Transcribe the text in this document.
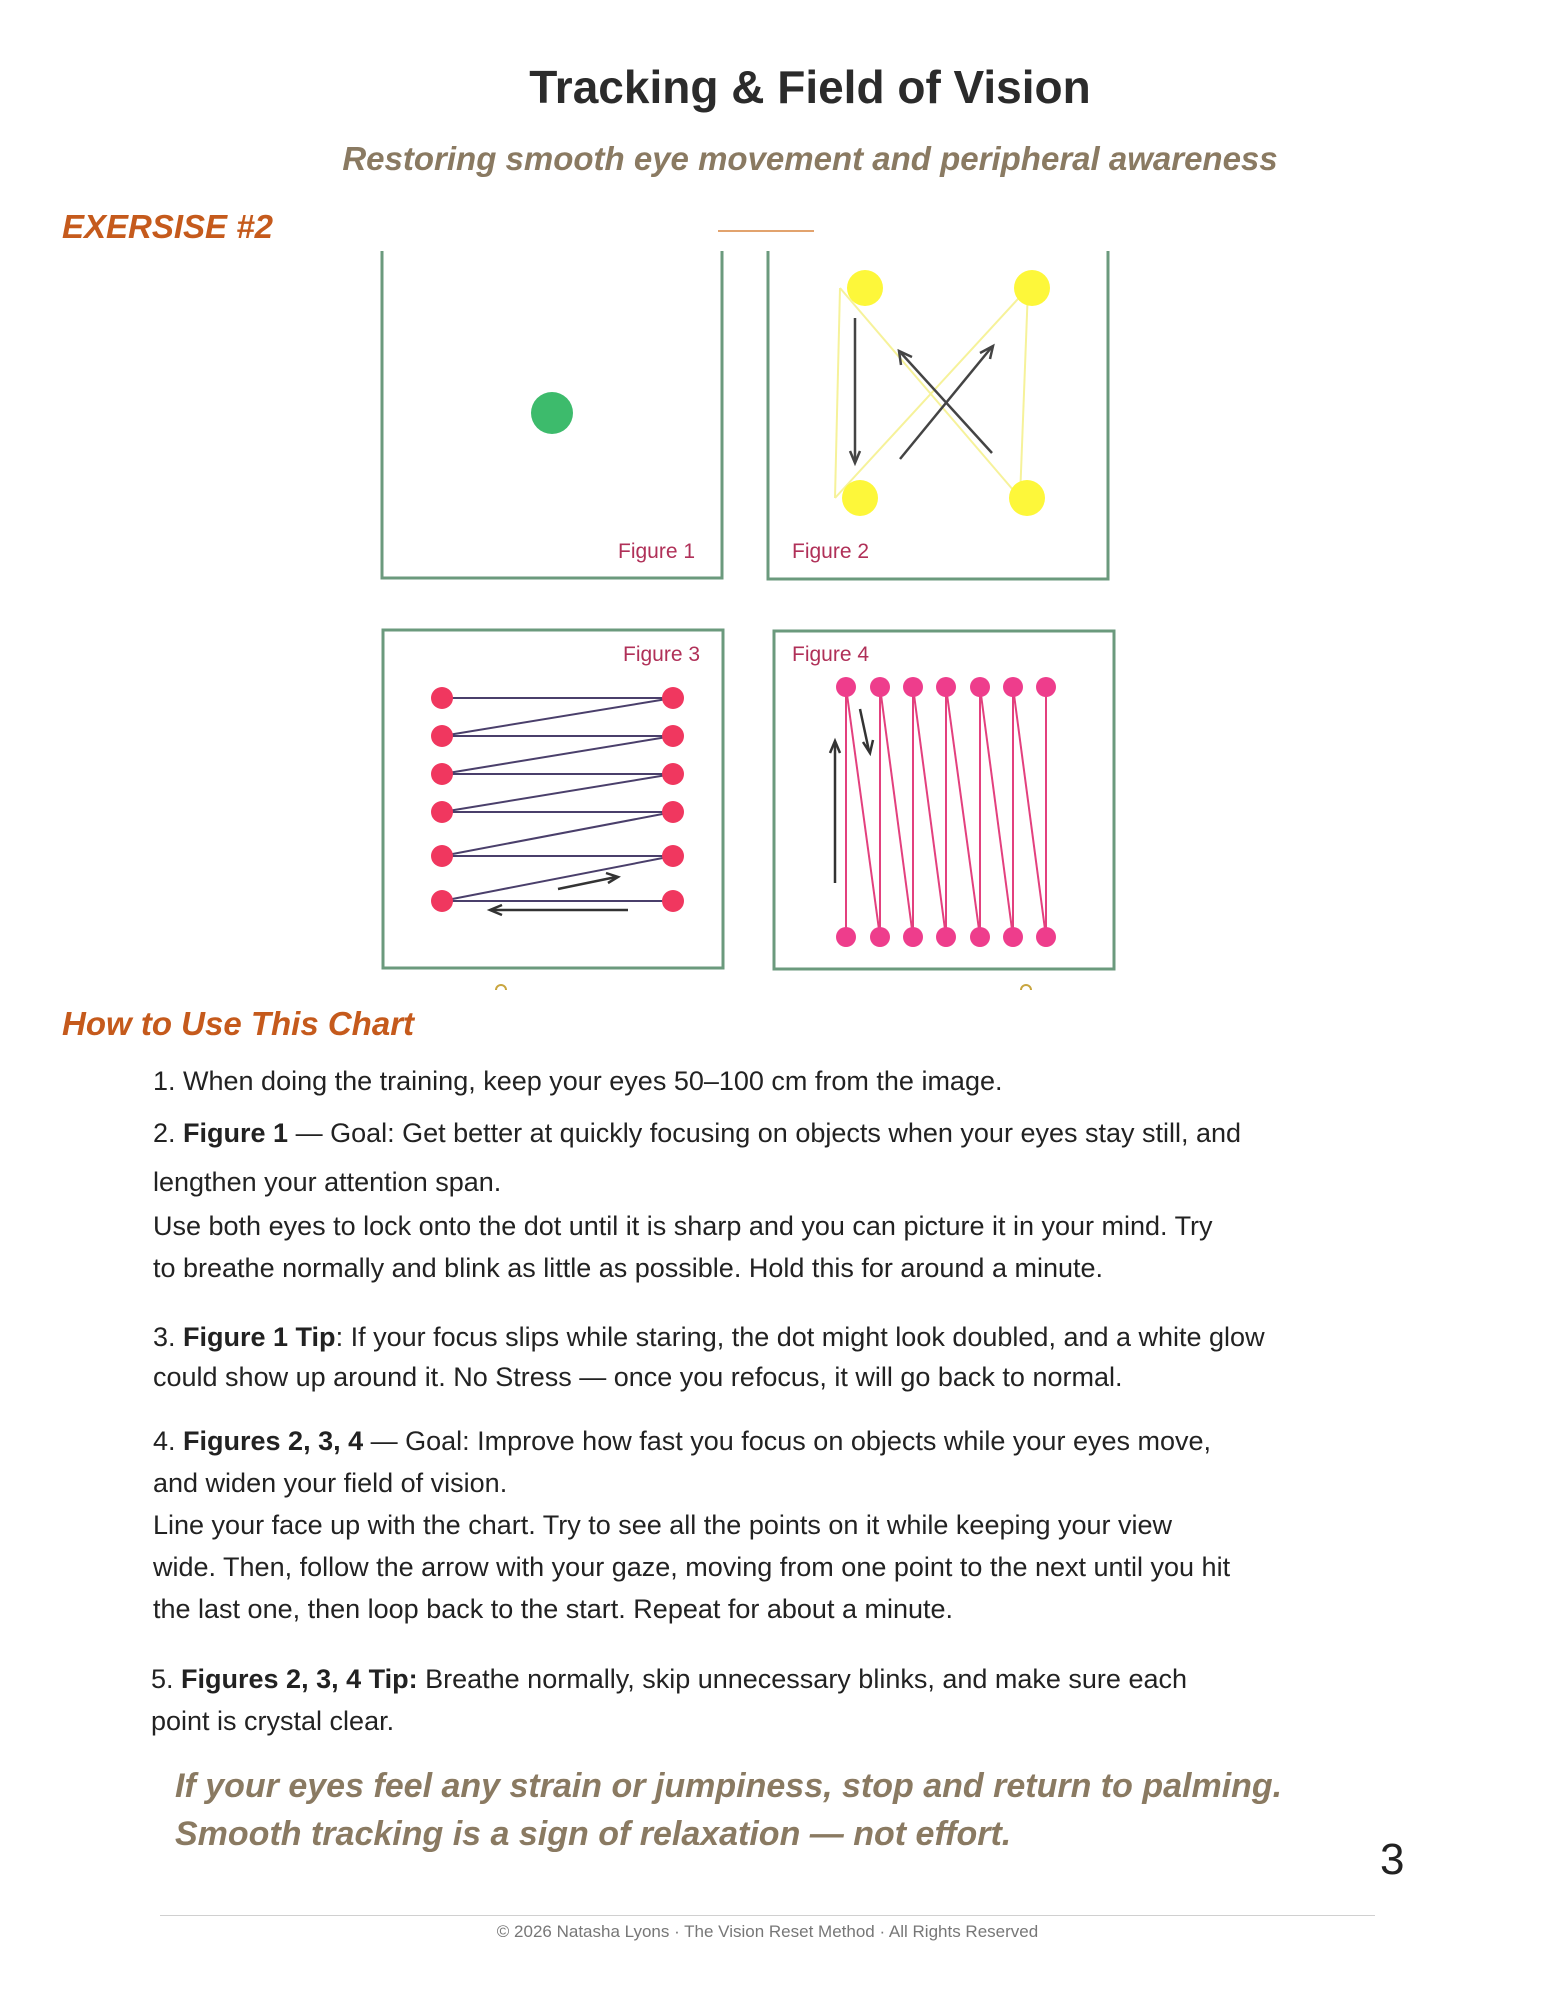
Tracking & Field of Vision
Restoring smooth eye movement and peripheral awareness
EXERSISE #2
Figure 1	Figure 2
Figure 3	Figure 4
How to Use This Chart
1. When doing the training, keep your eyes 50–100 cm from the image.
2. Figure 1 — Goal: Get better at quickly focusing on objects when your eyes stay still, and
lengthen your attention span.
Use both eyes to lock onto the dot until it is sharp and you can picture it in your mind. Try
to breathe normally and blink as little as possible. Hold this for around a minute.
3. Figure 1 Tip: If your focus slips while staring, the dot might look doubled, and a white glow
could show up around it. No Stress — once you refocus, it will go back to normal.
4. Figures 2, 3, 4 — Goal: Improve how fast you focus on objects while your eyes move,
and widen your field of vision.
Line your face up with the chart. Try to see all the points on it while keeping your view
wide. Then, follow the arrow with your gaze, moving from one point to the next until you hit
the last one, then loop back to the start. Repeat for about a minute.
5. Figures 2, 3, 4 Tip: Breathe normally, skip unnecessary blinks, and make sure each
point is crystal clear.
If your eyes feel any strain or jumpiness, stop and return to palming.
Smooth tracking is a sign of relaxation — not effort.
3
© 2026 Natasha Lyons · The Vision Reset Method · All Rights Reserved
